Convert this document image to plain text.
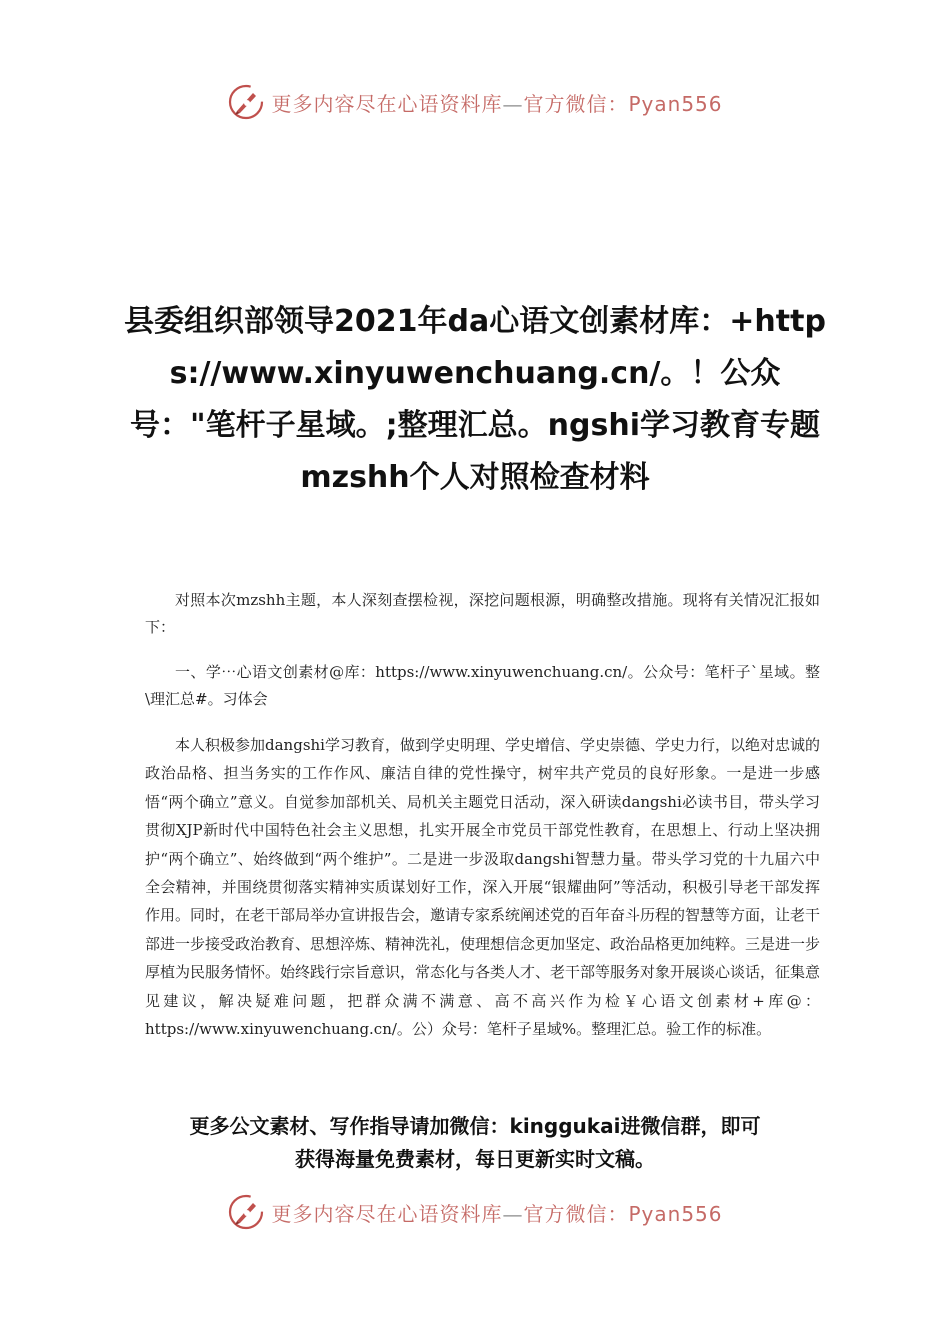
更多内容尽在心语资料库—官方微信：Pyan556
县委组织部领导2021年da心语文创素材库：+https://www.xinyuwenchuang.cn/。！公众号："笔杆子星域。;整理汇总。ngshi学习教育专题mzshh个人对照检查材料

对照本次mzshh主题，本人深刻查摆检视，深挖问题根源，明确整改措施。现将有关情况汇报如下：

一、学⋯心语文创素材@库：https://www.xinyuwenchuang.cn/。公众号：笔杆子`星域。整\理汇总#。习体会

本人积极参加dangshi学习教育，做到学史明理、学史增信、学史崇德、学史力行，以绝对忠诚的政治品格、担当务实的工作作风、廉洁自律的党性操守，树牢共产党员的良好形象。一是进一步感悟“两个确立”意义。自觉参加部机关、局机关主题党日活动，深入研读dangshi必读书目，带头学习贯彻XJP新时代中国特色社会主义思想，扎实开展全市党员干部党性教育，在思想上、行动上坚决拥护“两个确立”、始终做到“两个维护”。二是进一步汲取dangshi智慧力量。带头学习党的十九届六中全会精神，并围绕贯彻落实精神实质谋划好工作，深入开展“银耀曲阿”等活动，积极引导老干部发挥作用。同时，在老干部局举办宣讲报告会，邀请专家系统阐述党的百年奋斗历程的智慧等方面，让老干部进一步接受政治教育、思想淬炼、精神洗礼，使理想信念更加坚定、政治品格更加纯粹。三是进一步厚植为民服务情怀。始终践行宗旨意识，常态化与各类人才、老干部等服务对象开展谈心谈话，征集意见建议，解决疑难问题，把群众满不满意、高不高兴作为检￥心语文创素材+库@：https://www.xinyuwenchuang.cn/。公）众号：笔杆子星域%。整理汇总。验工作的标准。

更多公文素材、写作指导请加微信：kinggukai进微信群，即可
获得海量免费素材，每日更新实时文稿。
更多内容尽在心语资料库—官方微信：Pyan556
